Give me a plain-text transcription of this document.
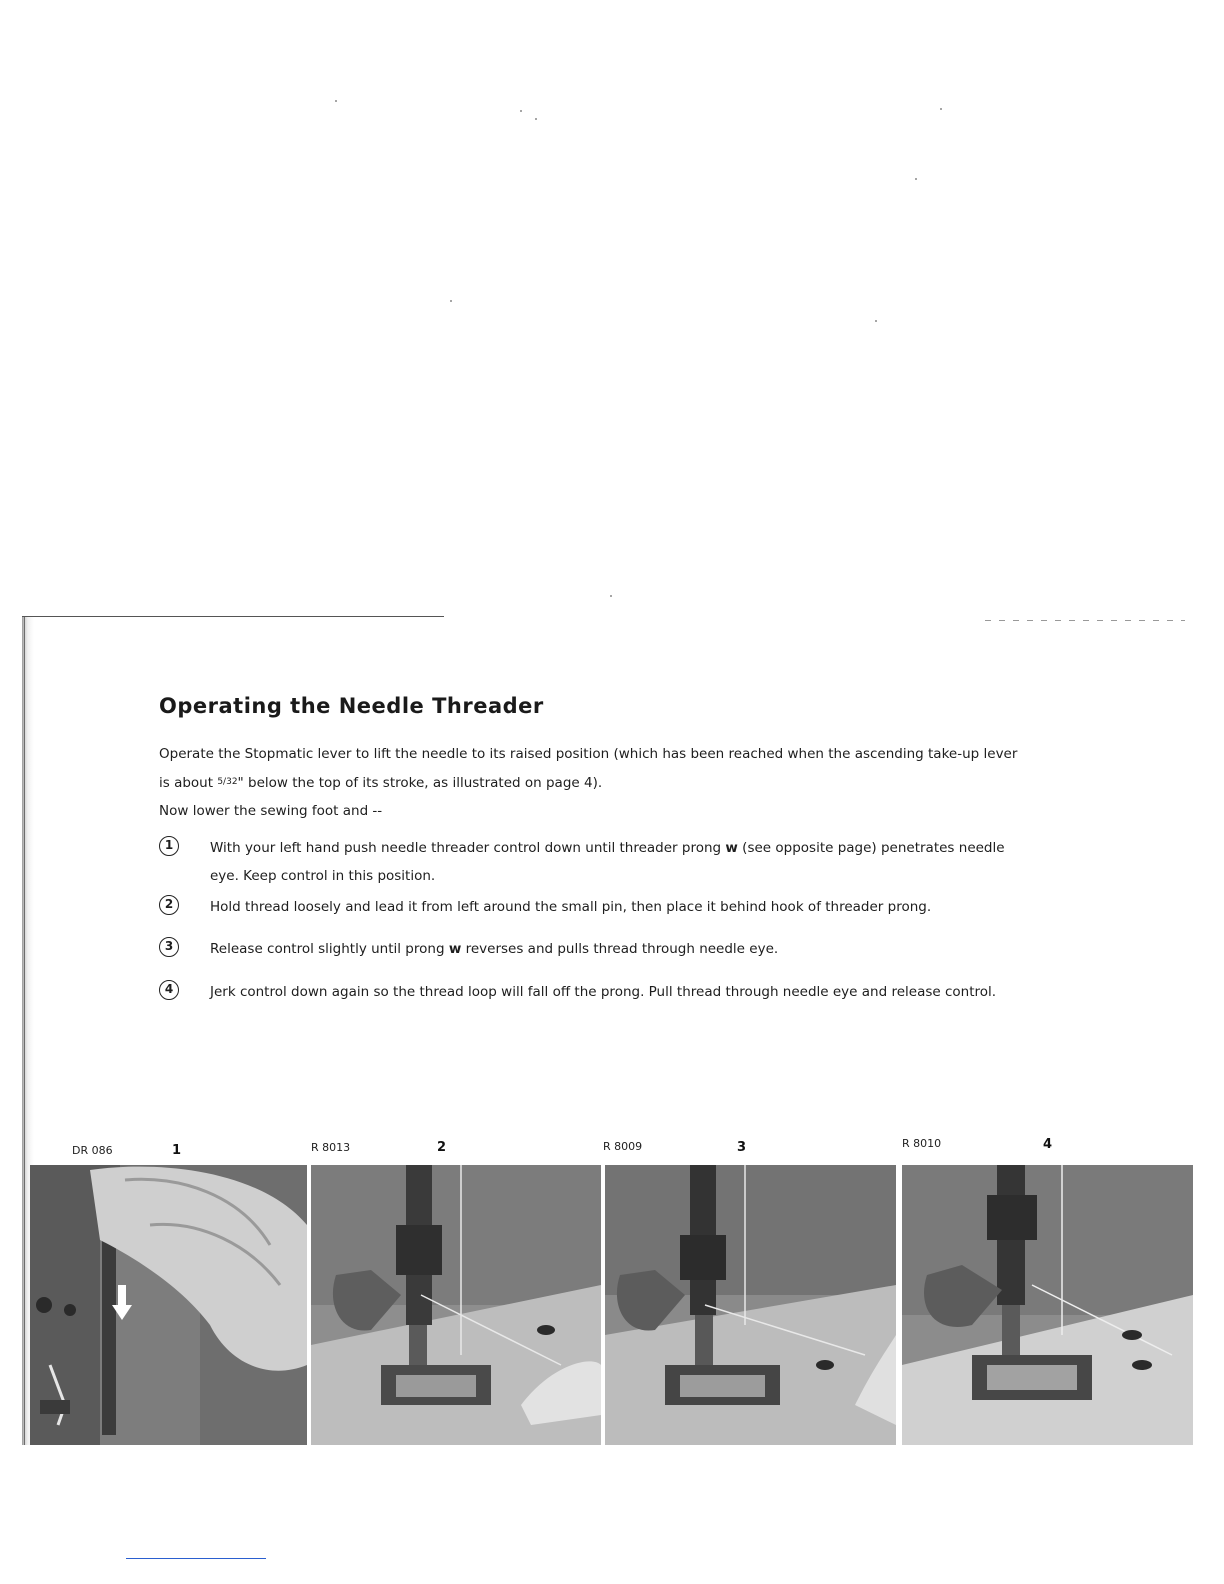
Operating the Needle Threader

Operate the Stopmatic lever to lift the needle to its raised position (which has been reached when the ascending take-up lever

is about $^{5/32}$" below the top of its stroke, as illustrated on page 4).

Now lower the sewing foot and --

1	With your left hand push needle threader control down until threader prong w (see opposite page) penetrates needle

eye. Keep control in this position.

2	Hold thread loosely and lead it from left around the small pin, then place it behind hook of threader prong.

3	Release control slightly until prong w reverses and pulls thread through needle eye.

4	Jerk control down again so the thread loop will fall off the prong. Pull thread through needle eye and release control.

DR 086	1	R 8013	2	R 8009	3	R 8010	4
